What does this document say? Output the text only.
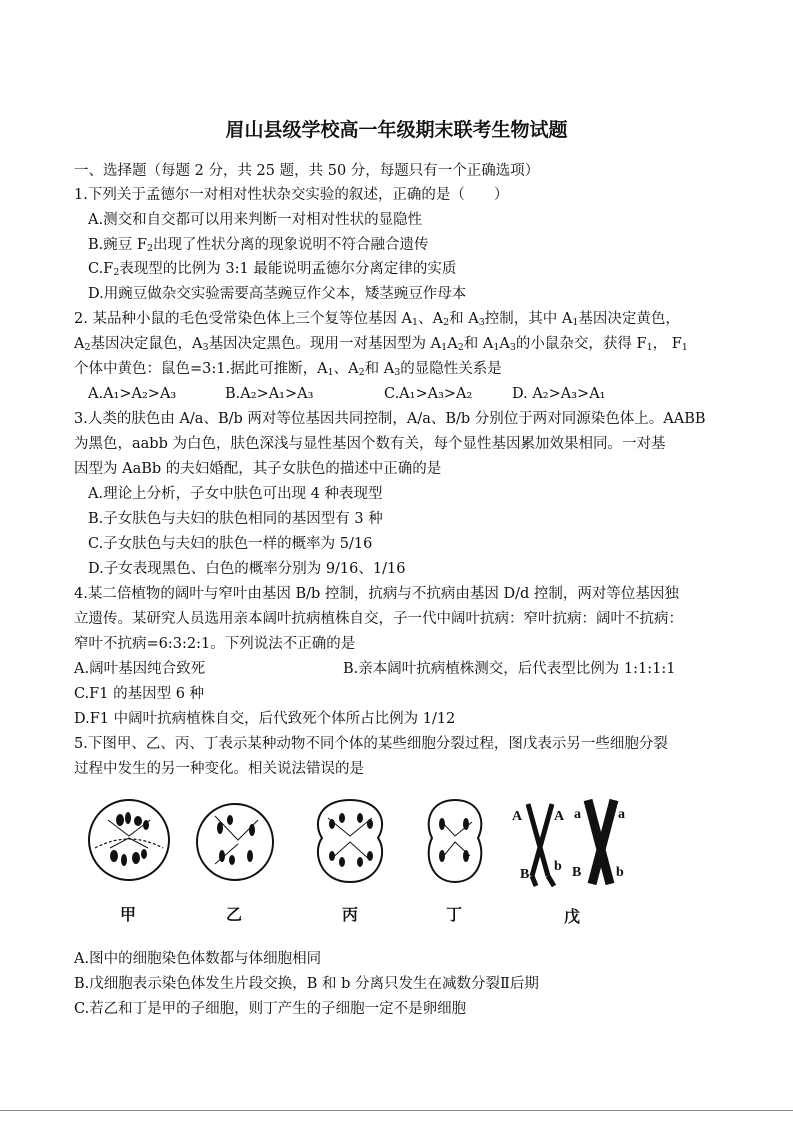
眉山县级学校高一年级期末联考生物试题
一、选择题（每题 2 分，共 25 题，共 50 分，每题只有一个正确选项）
1.下列关于孟德尔一对相对性状杂交实验的叙述，正确的是（　　）
A.测交和自交都可以用来判断一对相对性状的显隐性
B.豌豆 $F_2$出现了性状分离的现象说明不符合融合遗传
$C.F_2$表现型的比例为 3:1 最能说明孟德尔分离定律的实质
D.用豌豆做杂交实验需要高茎豌豆作父本，矮茎豌豆作母本
2. 某品种小鼠的毛色受常染色体上三个复等位基因 $A_1$、$A_2$和 $A_3$控制，其中 $A_1$基因决定黄色，
$A_2$基因决定鼠色，$A_3$基因决定黑色。现用一对基因型为 $A_1A_2$和 $A_1A_3$的小鼠杂交，获得 $F_1$， $F_1$
个体中黄色：鼠色=3:1.据此可推断，$A_1$、$A_2$和 $A_3$的显隐性关系是
A.A₁>A₂>A₃	B.A₂>A₁>A₃	C.A₁>A₃>A₂	D. A₂>A₃>A₁
3.人类的肤色由 A/a、B/b 两对等位基因共同控制，A/a、B/b 分别位于两对同源染色体上。AABB
为黑色，aabb 为白色，肤色深浅与显性基因个数有关，每个显性基因累加效果相同。一对基
因型为 AaBb 的夫妇婚配，其子女肤色的描述中正确的是
A.理论上分析，子女中肤色可出现 4 种表现型
B.子女肤色与夫妇的肤色相同的基因型有 3 种
C.子女肤色与夫妇的肤色一样的概率为 5/16
D.子女表现黑色、白色的概率分别为 9/16、1/16
4.某二倍植物的阔叶与窄叶由基因 B/b 控制，抗病与不抗病由基因 D/d 控制，两对等位基因独
立遗传。某研究人员选用亲本阔叶抗病植株自交，子一代中阔叶抗病：窄叶抗病：阔叶不抗病：
窄叶不抗病=6:3:2:1。下列说法不正确的是
A.阔叶基因纯合致死	B.亲本阔叶抗病植株测交，后代表型比例为 1:1:1:1
C.F1 的基因型 6 种
D.F1 中阔叶抗病植株自交，后代致死个体所占比例为 1/12
5.下图甲、乙、丙、丁表示某种动物不同个体的某些细胞分裂过程，图戊表示另一些细胞分裂
过程中发生的另一种变化。相关说法错误的是
A A
B
b
a	a
B b
甲	乙	丙	丁	戊
A.图中的细胞染色体数都与体细胞相同
B.戊细胞表示染色体发生片段交换，B 和 b 分离只发生在减数分裂Ⅱ后期
C.若乙和丁是甲的子细胞，则丁产生的子细胞一定不是卵细胞
